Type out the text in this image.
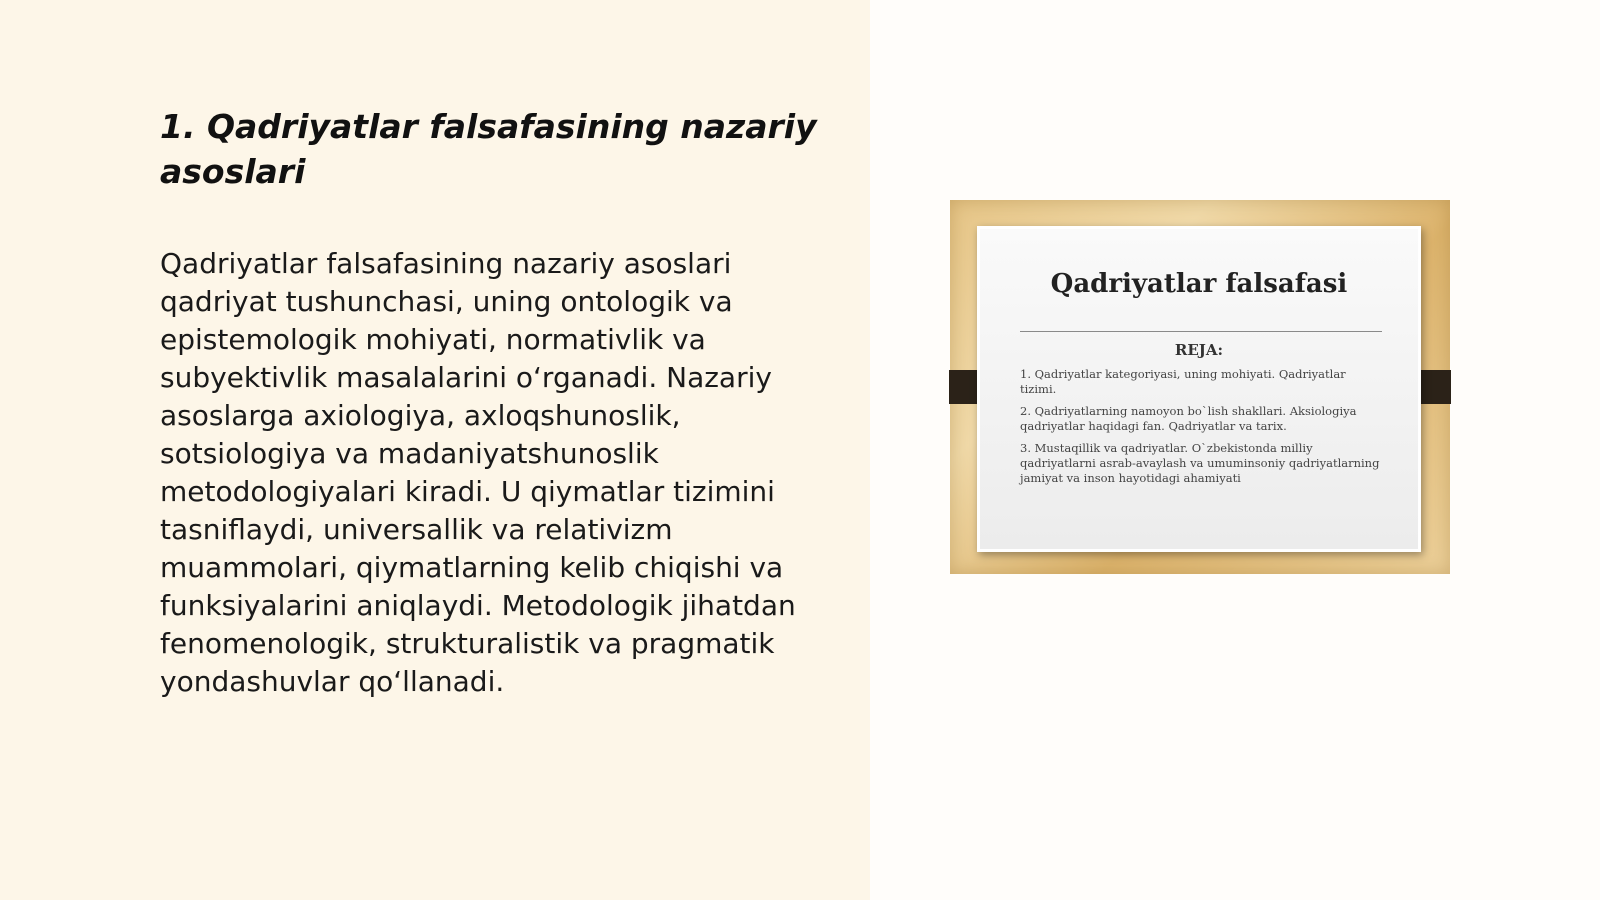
1. Qadriyatlar falsafasining nazariy asoslari

Qadriyatlar falsafasining nazariy asoslari qadriyat tushunchasi, uning ontologik va epistemologik mohiyati, normativlik va subyektivlik masalalarini o‘rganadi. Nazariy asoslarga axiologiya, axloqshunoslik, sotsiologiya va madaniyatshunoslik metodologiyalari kiradi. U qiymatlar tizimini tasniflaydi, universallik va relativizm muammolari, qiymatlarning kelib chiqishi va funksiyalarini aniqlaydi. Metodologik jihatdan fenomenologik, strukturalistik va pragmatik yondashuvlar qo‘llanadi.

Qadriyatlar falsafasi
REJA:
1. Qadriyatlar kategoriyasi, uning mohiyati. Qadriyatlar tizimi.
2. Qadriyatlarning namoyon bo`lish shakllari. Aksiologiya qadriyatlar haqidagi fan. Qadriyatlar va tarix.
3. Mustaqillik va qadriyatlar. O`zbekistonda milliy qadriyatlarni asrab-avaylash va umuminsoniy qadriyatlarning jamiyat va inson hayotidagi ahamiyati
